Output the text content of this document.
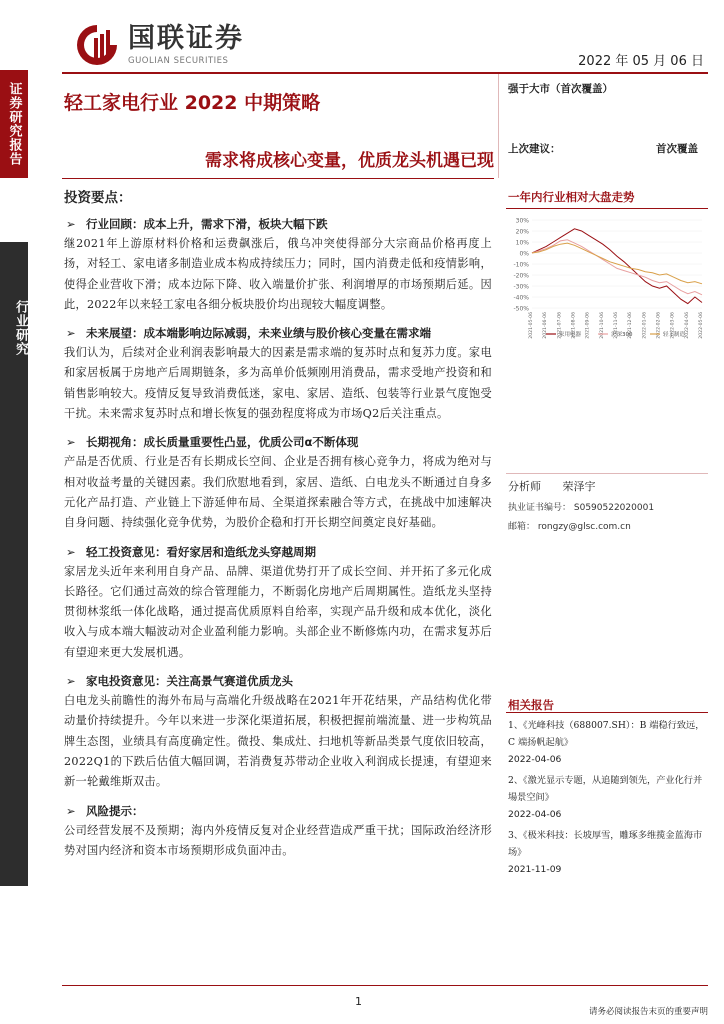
证券研究报告
行业研究
国联证券
GUOLIAN SECURITIES	2022 年 05 月 06 日
轻工家电行业 2022 中期策略
需求将成核心变量，优质龙头机遇已现
强于大市（首次覆盖）
上次建议：	首次覆盖
一年内行业相对大盘走势
30%
20%
10%
0%
-10%
-20%
-30%
-40%
-50%
2021-05-06 2021-06-06 2021-07-06 2021-08-06 2021-09-06 2021-10-06 2021-11-06 2021-12-06 2022-01-06 2022-02-06 2022-03-06 2022-04-06 2022-05-06
家用电器	沪深300	轻工制造
分析师 荣泽宇
执业证书编号： S0590522020001
邮箱： rongzy@glsc.com.cn
相关报告
1、《光峰科技（688007.SH）：B 端稳行致远，C 端扬帆起航》
2022-04-06
2、《激光显示专题，从追随到领先，产业化行并場景空间》
2022-04-06
3、《极米科技：长坡厚雪，雕琢多维揽金蓝海市场》
2021-11-09
投资要点：
➢ 行业回顾：成本上升，需求下滑，板块大幅下跌
继2021年上游原材料价格和运费飙涨后，俄乌冲突使得部分大宗商品价格再度上扬，对轻工、家电诸多制造业成本构成持续压力；同时，国内消费走低和疫情影响，使得企业营收下滑；成本边际下降、收入端量价扩张、利润增厚的市场预期后延。因此，2022年以来轻工家电各细分板块股价均出现较大幅度调整。
➢ 未来展望：成本端影响边际减弱，未来业绩与股价核心变量在需求端
我们认为，后续对企业利润表影响最大的因素是需求端的复苏时点和复苏力度。家电和家居板属于房地产后周期链条，多为高单价低频刚用消费品，需求受地产投资和和销售影响较大。疫情反复导致消费低迷，家电、家居、造纸、包装等行业景气度饱受干扰。未来需求复苏时点和增长恢复的强劲程度将成为市场Q2后关注重点。
➢ 长期视角：成长质量重要性凸显，优质公司α不断体现
产品是否优质、行业是否有长期成长空间、企业是否拥有核心竞争力，将成为绝对与相对收益考量的关键因素。我们欣慰地看到，家居、造纸、白电龙头不断通过自身多元化产品打造、产业链上下游延伸布局、全渠道探索融合等方式，在挑战中加速解决自身问题、持续强化竞争优势，为股价企稳和打开长期空间奠定良好基础。
➢ 轻工投资意见：看好家居和造纸龙头穿越周期
家居龙头近年来利用自身产品、品牌、渠道优势打开了成长空间、并开拓了多元化成长路径。它们通过高效的综合管理能力，不断弱化房地产后周期属性。造纸龙头坚持贯彻林浆纸一体化战略，通过提高优质原料自给率，实现产品升级和成本优化，淡化收入与成本端大幅波动对企业盈利能力影响。头部企业不断修炼内功，在需求复苏后有望迎来更大发展机遇。
➢ 家电投资意见：关注高景气赛道优质龙头
白电龙头前瞻性的海外布局与高端化升级战略在2021年开花结果，产品结构优化带动量价持续提升。今年以来进一步深化渠道拓展，积极把握前端流量、进一步构筑品牌生态图，业绩具有高度确定性。微投、集成灶、扫地机等新品类景气度依旧较高，2022Q1的下跌后估值大幅回调，若消费复苏带动企业收入利润成长提速，有望迎来新一轮戴维斯双击。
➢ 风险提示：
公司经营发展不及预期；海内外疫情反复对企业经营造成严重干扰；国际政治经济形势对国内经济和资本市场预期形成负面冲击。
1
请务必阅读报告末页的重要声明
